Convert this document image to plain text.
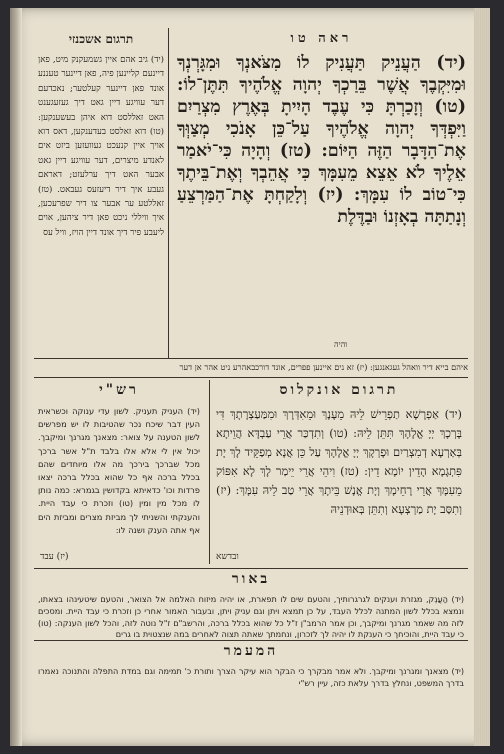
ראה טו
(יד) הַעֲנֵיק תַּעֲנִיק לוֹ מִצֹּאנְךָ וּמִגָּרְנְךָ וּמִיִּקְבֶךָ אֲשֶׁר בֵּרַכְךָ יְהוָה אֱלֹהֶיךָ תִּתֶּן־לוֹ: (טו) וְזָכַרְתָּ כִּי עֶבֶד הָיִיתָ בְּאֶרֶץ מִצְרַיִם וַיִּפְדְּךָ יְהוָה אֱלֹהֶיךָ עַל־כֵּן אָנֹכִי מְצַוְּךָ אֶת־הַדָּבָר הַזֶּה הַיּוֹם: (טז) וְהָיָה כִּי־יֹאמַר אֵלֶיךָ לֹא אֵצֵא מֵעִמָּךְ כִּי אֲהֵבְךָ וְאֶת־בֵּיתֶךָ כִּי־טוֹב לוֹ עִמָּךְ: (יז) וְלָקַחְתָּ אֶת־הַמַּרְצֵעַ וְנָתַתָּה בְאָזְנוֹ וּבַדֶּלֶת
תרגום אשכנזי
(יד) גיב אהם איין גשמעקנק מיט, פאן דיינעם קליינען פיה, פאן דיינער טעננע אונד פאן דיינער קעלטער; נאכדעם דער עוויגע דיין גאט דיך געזעגענט האט זאללסט דוא איהן בעשענקען: (טו) דוא זאלסט בעדענקען, דאס דוא אויך איין קנעכט געוועזען ביזט אים לאנדע מיצרים, דער עוויגע דיין גאט אבער האט דיך ערלעזט; דאראם געבע איך דיר דיעזעס געבאט. (טז) זאללטע ער אבער צו דיר שפרעכען, איך וויללי ניכט פאן דיר ציהען, אוים ליעבע פיר דיך אונד דיין הויז, וויל עס
והיה
איהם בייא דיר וואהל געגאנגען: (יז) זא נים איינען פפרים, אונד דורכבאהרע ניט אהר אן דער
תרגום אונקלוס
(יד) אַפְרָשָׁא תַפְרֵישׁ לֵיהּ מֵעָנָךְ וּמֵאִדְּרָךְ וּמִמַּעַצְרָתָךְ דִּי בָּרְכָךְ יְיָ אֱלָהָךְ תִּתֵּן לֵיהּ: (טו) וְתִדְכַּר אֲרֵי עַבְדָּא הֲוֵיתָא בְּאַרְעָא דְמִצְרַיִם וּפָרְקָךְ יְיָ אֱלָהָךְ עַל כֵּן אֲנָא מְפַקֵּיד לָךְ יָת פִּתְגָמָא הָדֵין יוֹמָא דֵין: (טז) וִיהֵי אֲרֵי יֵימַר לָךְ לָא אִפּוֹק מֵעִמָּךְ אֲרֵי רָחֵימָךְ וְיָת אֱנָשׁ בֵּיתָךְ אֲרֵי טַב לֵיהּ עִמָּךְ: (יז) וְתִסַּב יָת מַרְצְעָא וְתִתֵּן בְּאוּדְנֵיהּ
ובדשא
רש"י
(יד) העניק תעניק. לשון עדי ענוקה וכשראית העין דבר שיכח נכר שהטיבות לו יש מפרשים לשון הטענה על צואר: מצאנך מגרנך ומיקבך. יכול אין לי אלא אלו בלבד ת"ל אשר ברכך מכל שברכך בירכך מה אלו מיוחדים שהם בכלל ברכה אף כל שהוא בכלל ברכה יצאו פרדות וכו' כדאיתא בקדושין בגמרא: כמה נותן לו מכל מין ומין (טו) וזכרת כי עבד היית. והענקתי והשניתי לך מביזת מצרים ומביזת הים אף אתה הענק ושנה לו:
(יז) עבד
באור
(יד) הַעֲנֵק, מגזרת וענקים לגרגרותיך, והטעם שים לו תפארת, או יהיה מיזוח האלמה אל הצואר, והטעם שיטעינהו בצאתו, ונמצא בכלל לשון המתנה לכלל העבד, על כן תמצא ויתן וגם עניק ויתן, ובעבור האמור אחרי כן וזכרת כי עבד היית. ומסכים לזה מה שאמר מגרנך ומיקבך, וכן אמר הרמב"ן ז"ל כל שהוא בכלל ברכה, והרשב"ם ז"ל נוטה לזה, והכל לשון הענקה: (טו) כי עבד היית, והוכיחך כי הענקת לו יהיה לך לזכרון, ונחמתך שאתה תצוה לאחרים במה שנצטוית בו גרים
המעמר
(יד) מצאנך ומגרנך ומיקבך. ולא אמר מבקרך כי הבקר הוא עיקר הצרך ותורת כ' תמימה וגם במדת התפלה והתנוכה נאמרו בדרך המשפט, ונחלץ בדרך עלאת כזה, עיין רש"י
